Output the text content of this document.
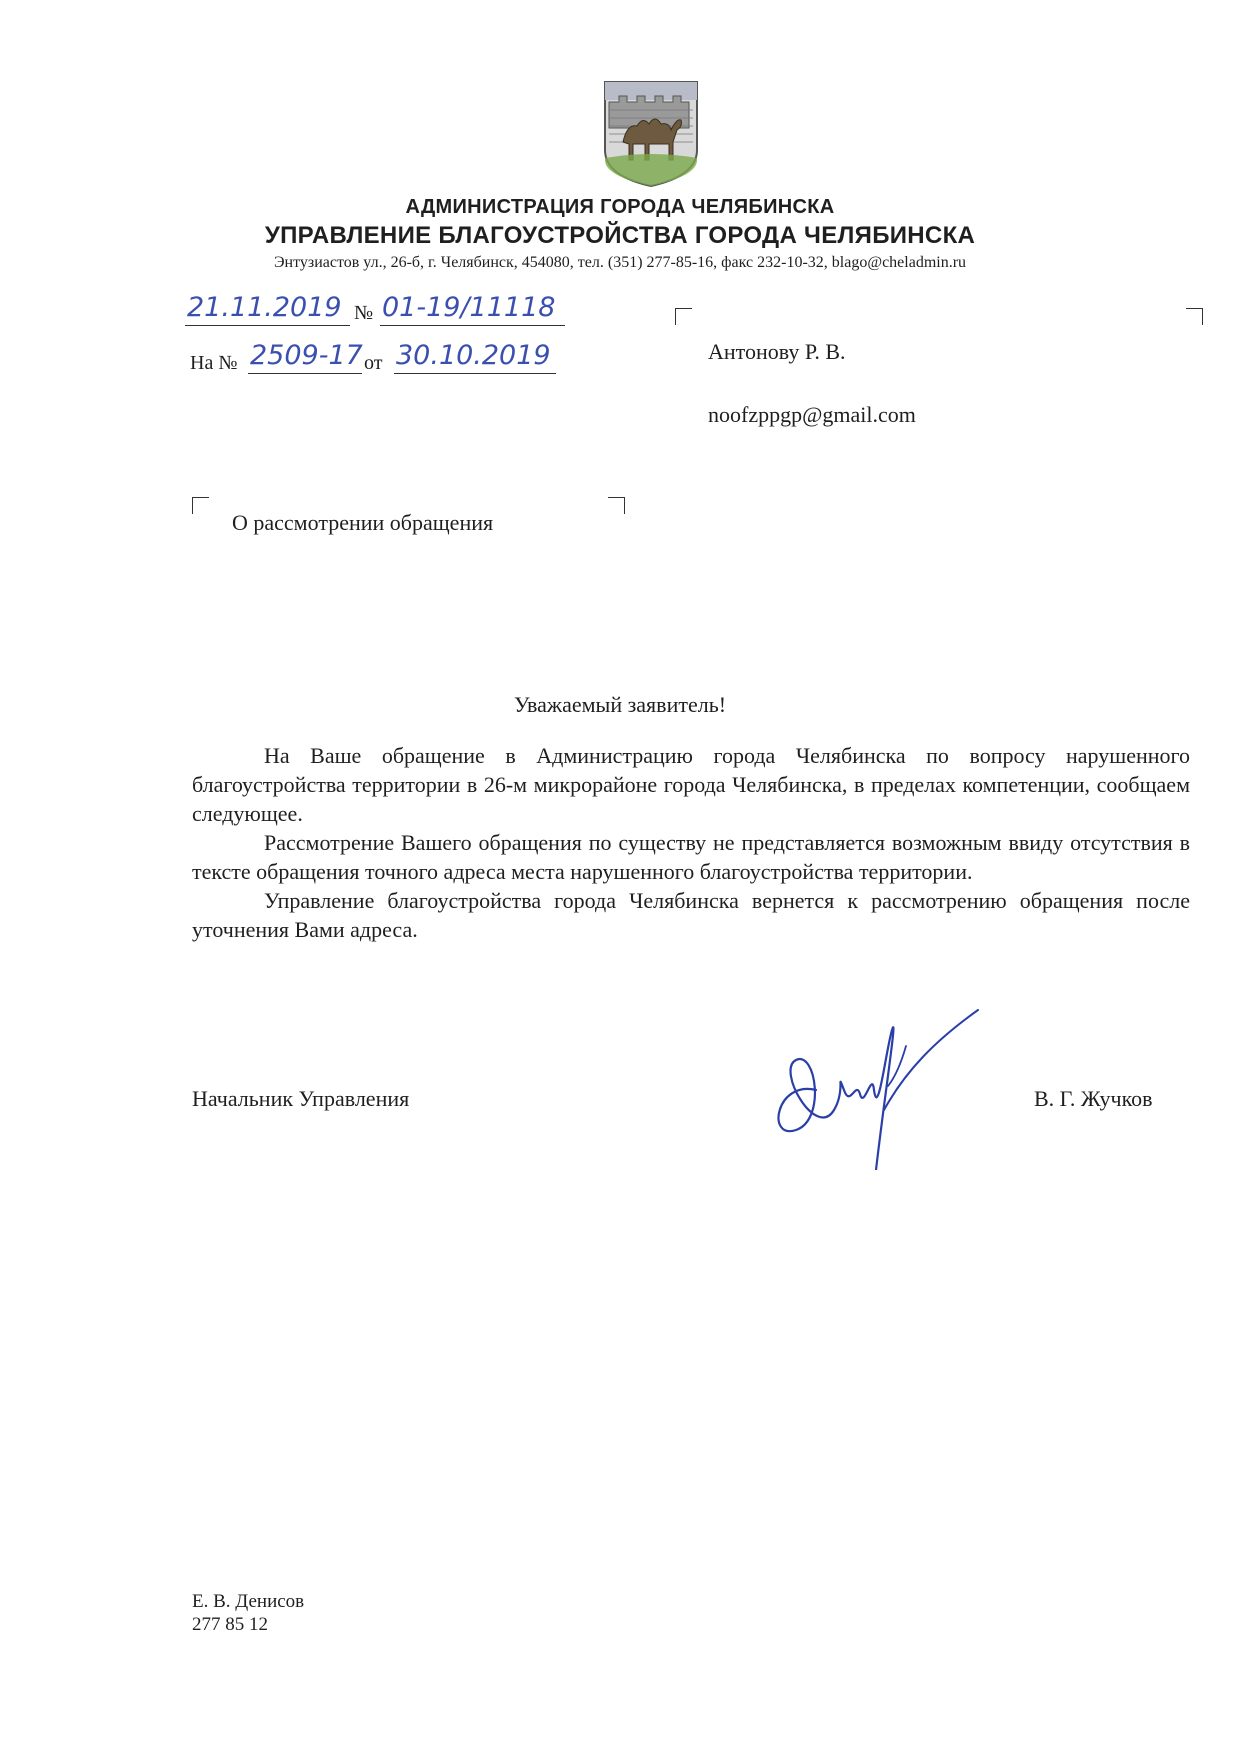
АДМИНИСТРАЦИЯ ГОРОДА ЧЕЛЯБИНСКА
УПРАВЛЕНИЕ БЛАГОУСТРОЙСТВА ГОРОДА ЧЕЛЯБИНСКА
Энтузиастов ул., 26-б, г. Челябинск, 454080, тел. (351) 277-85-16, факс 232-10-32, blago@cheladmin.ru
21.11.2019 № 01-19/11118
На № 2509-17 от 30.10.2019	Антонову Р. В.
noofzppgp@gmail.com
О рассмотрении обращения
Уважаемый заявитель!

На Ваше обращение в Администрацию города Челябинска по вопросу нарушенного благоустройства территории в 26-м микрорайоне города Челябинска, в пределах компетенции, сообщаем следующее.

Рассмотрение Вашего обращения по существу не представляется возможным ввиду отсутствия в тексте обращения точного адреса места нарушенного благоустройства территории.

Управление благоустройства города Челябинска вернется к рассмотрению обращения после уточнения Вами адреса.

Начальник Управления	В. Г. Жучков
Е. В. Денисов
277 85 12
